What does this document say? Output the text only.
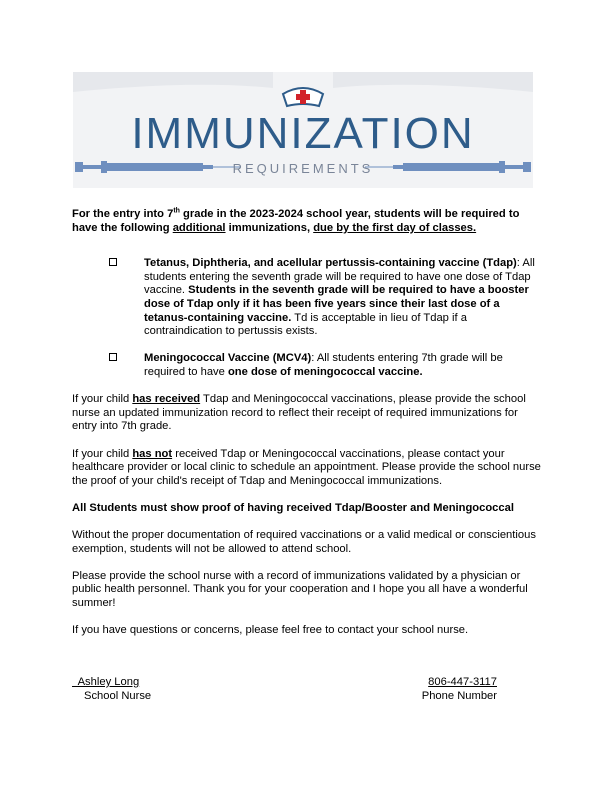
IMMUNIZATION
REQUIREMENTS

For the entry into 7th grade in the 2023-2024 school year, students will be required to have the following additional immunizations, due by the first day of classes.

Tetanus, Diphtheria, and acellular pertussis-containing vaccine (Tdap): All students entering the seventh grade will be required to have one dose of Tdap vaccine. Students in the seventh grade will be required to have a booster dose of Tdap only if it has been five years since their last dose of a tetanus-containing vaccine. Td is acceptable in lieu of Tdap if a contraindication to pertussis exists.
Meningococcal Vaccine (MCV4): All students entering 7th grade will be required to have one dose of meningococcal vaccine.

If your child has received Tdap and Meningococcal vaccinations, please provide the school nurse an updated immunization record to reflect their receipt of required immunizations for entry into 7th grade.

If your child has not received Tdap or Meningococcal vaccinations, please contact your healthcare provider or local clinic to schedule an appointment. Please provide the school nurse the proof of your child's receipt of Tdap and Meningococcal immunizations.

All Students must show proof of having received Tdap/Booster and Meningococcal

Without the proper documentation of required vaccinations or a valid medical or conscientious exemption, students will not be allowed to attend school.

Please provide the school nurse with a record of immunizations validated by a physician or public health personnel. Thank you for your cooperation and I hope you all have a wonderful summer!

If you have questions or concerns, please feel free to contact your school nurse.

Ashley Long
School Nurse
806-447-3117
Phone Number
